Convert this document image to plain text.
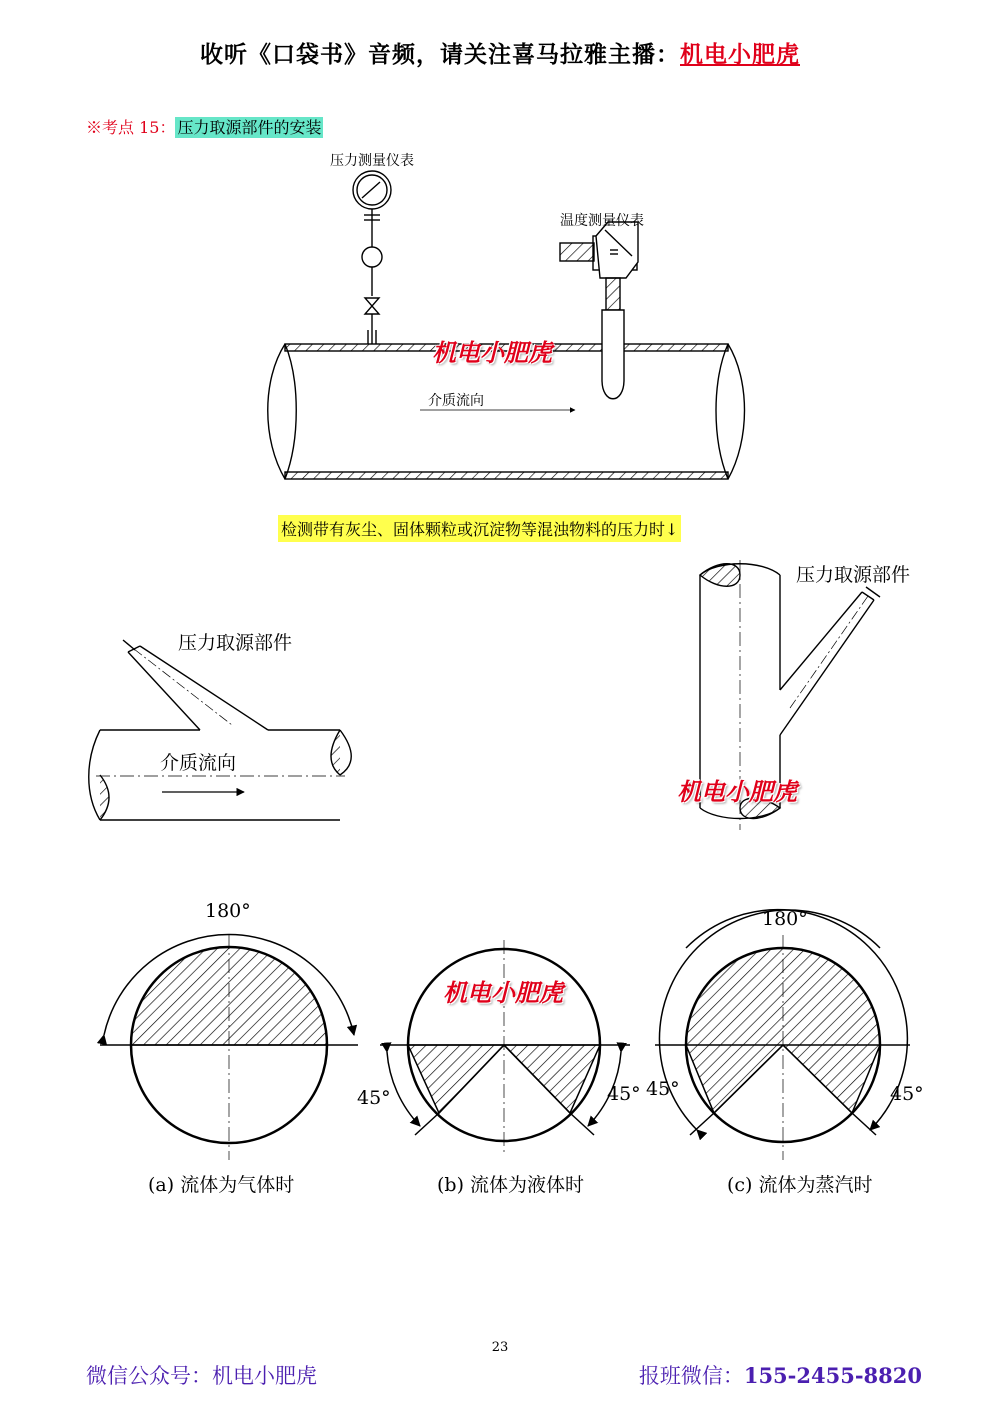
收听《口袋书》音频，请关注喜马拉雅主播：机电小肥虎
※考点 15： 压力取源部件的安装
压力测量仪表
温度测量仪表
介质流向
机电小肥虎
检测带有灰尘、固体颗粒或沉淀物等混浊物料的压力时↓
压力取源部件
介质流向
压力取源部件
机电小肥虎
180°
(a) 流体为气体时
45°	45°
(b) 流体为液体时
机电小肥虎
180°
45°	45°
(c) 流体为蒸汽时
23
微信公众号：机电小肥虎	报班微信：155-2455-8820
